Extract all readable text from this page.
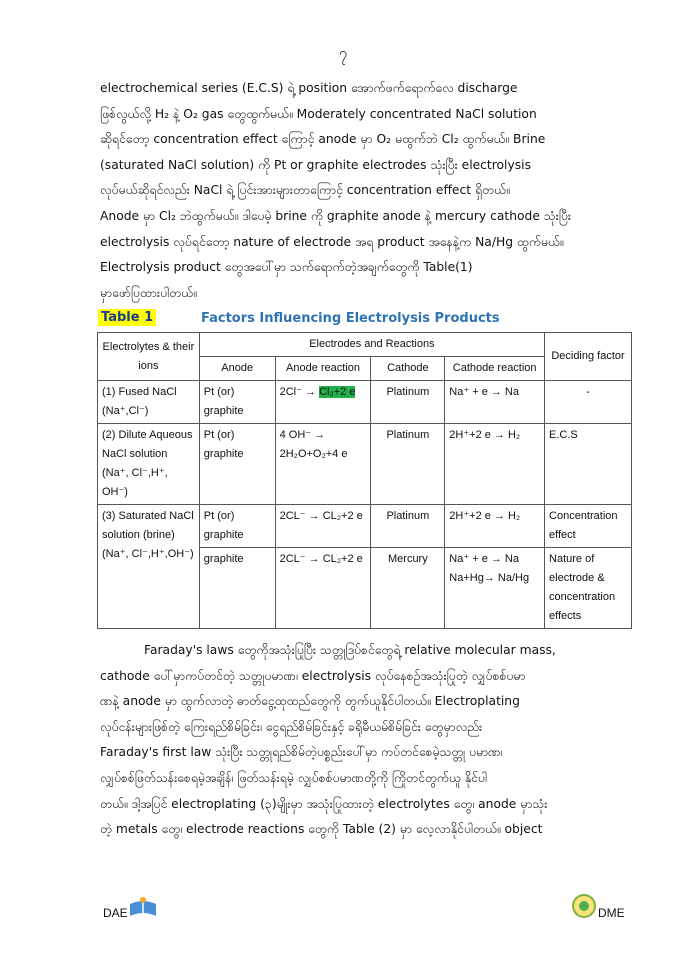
၇

electrochemical series (E.C.S) ရဲ့ position အောက်ဖက်ရောက်လေ discharge
ဖြစ်လွယ်လို့ H₂ နဲ့ O₂ gas တွေထွက်မယ်။ Moderately concentrated NaCl solution
ဆိုရင်တော့ concentration effect ကြောင့် anode မှာ O₂ မထွက်ဘဲ Cl₂ ထွက်မယ်။ Brine
(saturated NaCl solution) ကို Pt or graphite electrodes သုံးပြီး electrolysis
လုပ်မယ်ဆိုရင်လည်း NaCl ရဲ့ ပြင်းအားများတာကြောင့် concentration effect ရှိတယ်။
Anode မှာ Cl₂ ဘဲထွက်မယ်။ ဒါပေမဲ့ brine ကို graphite anode နဲ့ mercury cathode သုံးပြီး
electrolysis လုပ်ရင်တော့ nature of electrode အရ product အနေနဲ့က Na/Hg ထွက်မယ်။
Electrolysis product တွေအပေါ်မှာ သက်ရောက်တဲ့အချက်တွေကို Table(1)
မှာဖော်ပြထားပါတယ်။

Table 1	Factors Influencing Electrolysis Products
Electrolytes & their ions	Electrodes and Reactions				Deciding factor
	Anode	Anode reaction	Cathode	Cathode reaction	
(1) Fused NaCl (Na⁺,Cl⁻)	Pt (or) graphite	2Cl⁻ → Cl₂+2 e	Platinum	Na⁺ + e → Na	-
(2) Dilute Aqueous NaCl solution (Na⁺, Cl⁻,H⁺, OH⁻)	Pt (or) graphite	4 OH⁻ → 2H₂O+O₂+4 e	Platinum	2H⁺+2 e → H₂	E.C.S
(3) Saturated NaCl solution (brine) (Na⁺, Cl⁻,H⁺,OH⁻)	Pt (or) graphite	2CL⁻ → CL₂+2 e	Platinum	2H⁺+2 e → H₂	Concentration effect
	graphite	2CL⁻ → CL₂+2 e	Mercury	Na⁺ + e → Na Na+Hg→ Na/Hg	Nature of electrode & concentration effects

Faraday's laws တွေကိုအသုံးပြုပြီး သတ္တုဒြပ်စင်တွေရဲ့ relative molecular mass,
cathode ပေါ်မှာကပ်တင်တဲ့ သတ္တုပမာဏ၊ electrolysis လုပ်နေစဉ်အသုံးပြုတဲ့ လျှပ်စစ်ပမာ
ဏနဲ့ anode မှာ ထွက်လာတဲ့ ဓာတ်ငွေ့ထုထည်တွေကို တွက်ယူနိုင်ပါတယ်။ Electroplating
လုပ်ငန်းများဖြစ်တဲ့ ကြေးရည်စိမ်ခြင်း၊ ငွေရည်စိမ်ခြင်းနှင့် ခရိုမီယမ်စိမ်ခြင်း တွေမှာလည်း
Faraday's first law သုံးပြီး သတ္တုရည်စိမ်တဲ့ပစ္စည်းပေါ်မှာ ကပ်တင်စေမဲ့သတ္တု ပမာဏ၊
လျှပ်စစ်ဖြတ်သန်းစေရမဲ့အချိန်၊ ဖြတ်သန်းရမဲ့ လျှပ်စစ်ပမာဏတို့ကို ကြိုတင်တွက်ယူ နိုင်ပါ
တယ်။ ဒါ့အပြင် electroplating (၃)မျိုးမှာ အသုံးပြုထားတဲ့ electrolytes တွေ၊ anode မှာသုံး
တဲ့ metals တွေ၊ electrode reactions တွေကို Table (2) မှာ လေ့လာနိုင်ပါတယ်။ object

DAE	DME
